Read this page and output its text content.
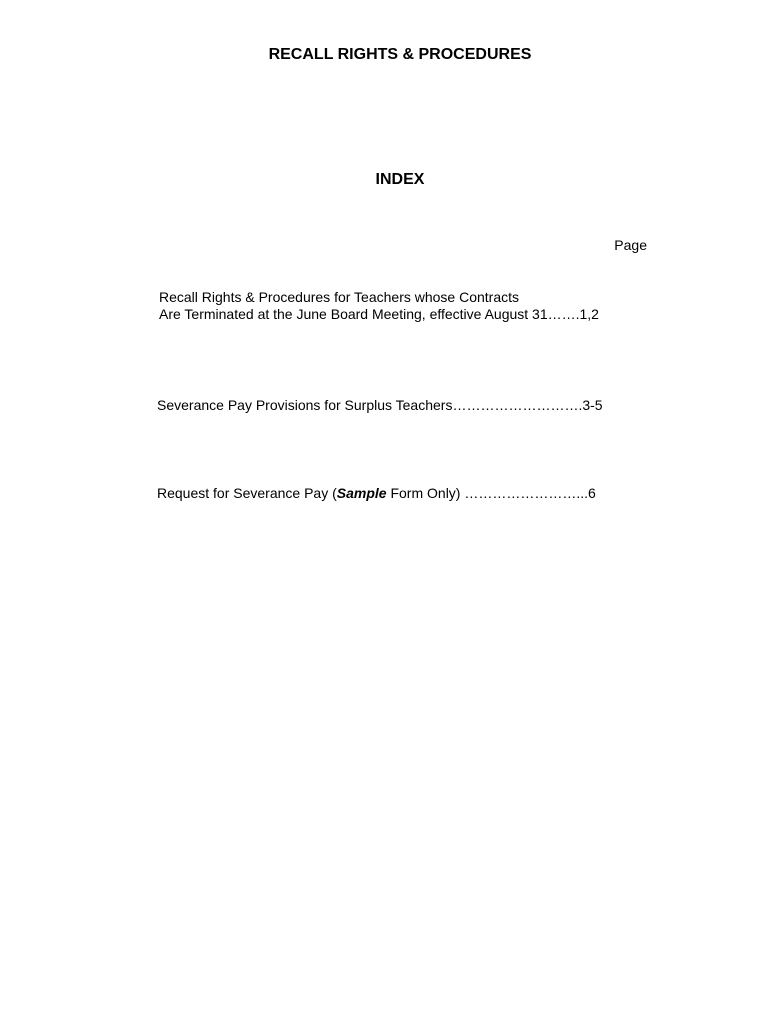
RECALL RIGHTS & PROCEDURES
INDEX
Page
Recall Rights & Procedures for Teachers whose Contracts
Are Terminated at the June Board Meeting, effective August 31…….1,2
Severance Pay Provisions for Surplus Teachers……………………….3-5
Request for Severance Pay (Sample Form Only) ……………………...6
